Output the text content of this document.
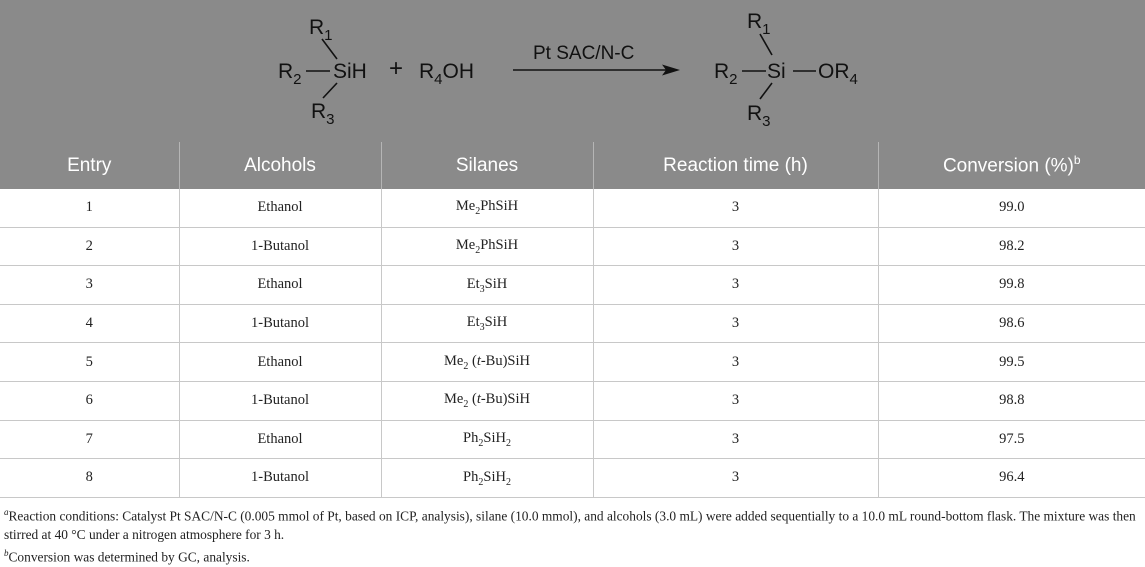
$R_1$
$R_2$ SiH
$R_3$
+ $R_4OH$
Pt SAC/N-C
$R_1$
$R_2$ Si $OR_4$
$R_3$
Entry	Alcohols	Silanes	Reaction time (h)	Conversion (%)$^b$
1	Ethanol	$Me_2PhSiH$	3	99.0
2	1-Butanol	$Me_2PhSiH$	3	98.2
3	Ethanol	$Et_3SiH$	3	99.8
4	1-Butanol	$Et_3SiH$	3	98.6
5	Ethanol	$Me_2$ (t-Bu)SiH	3	99.5
6	1-Butanol	$Me_2$ (t-Bu)SiH	3	98.8
7	Ethanol	$Ph_2SiH_2$	3	97.5
8	1-Butanol	$Ph_2SiH_2$	3	96.4

$^a$Reaction conditions: Catalyst Pt SAC/N-C (0.005 mmol of Pt, based on ICP, analysis), silane (10.0 mmol), and alcohols (3.0 mL) were added sequentially to a 10.0 mL round-bottom flask. The mixture was then stirred at 40 °C under a nitrogen atmosphere for 3 h.

$^b$Conversion was determined by GC, analysis.
